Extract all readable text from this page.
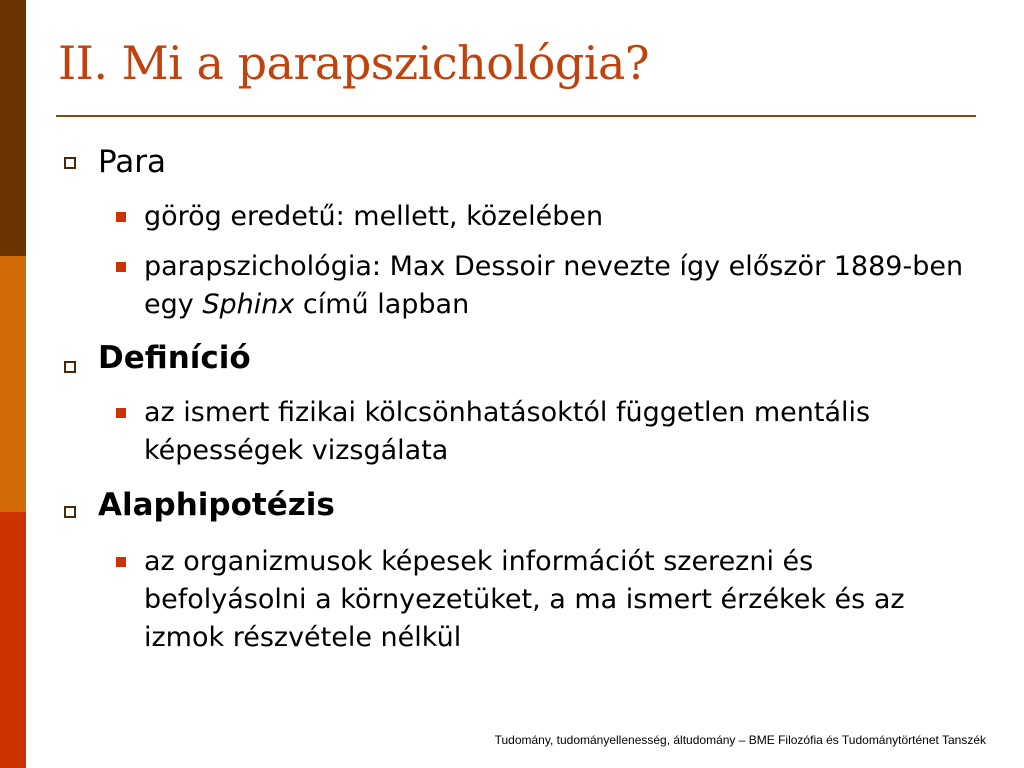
II. Mi a parapszichológia?
Para
görög eredetű: mellett, közelében
parapszichológia: Max Dessoir nevezte így először 1889-ben egy Sphinx című lapban
Definíció
az ismert fizikai kölcsönhatásoktól független mentális képességek vizsgálata
Alaphipotézis
az organizmusok képesek információt szerezni és befolyásolni a környezetüket, a ma ismert érzékek és az izmok részvétele nélkül
Tudomány, tudományellenesség, áltudomány – BME Filozófia és Tudománytörténet Tanszék
